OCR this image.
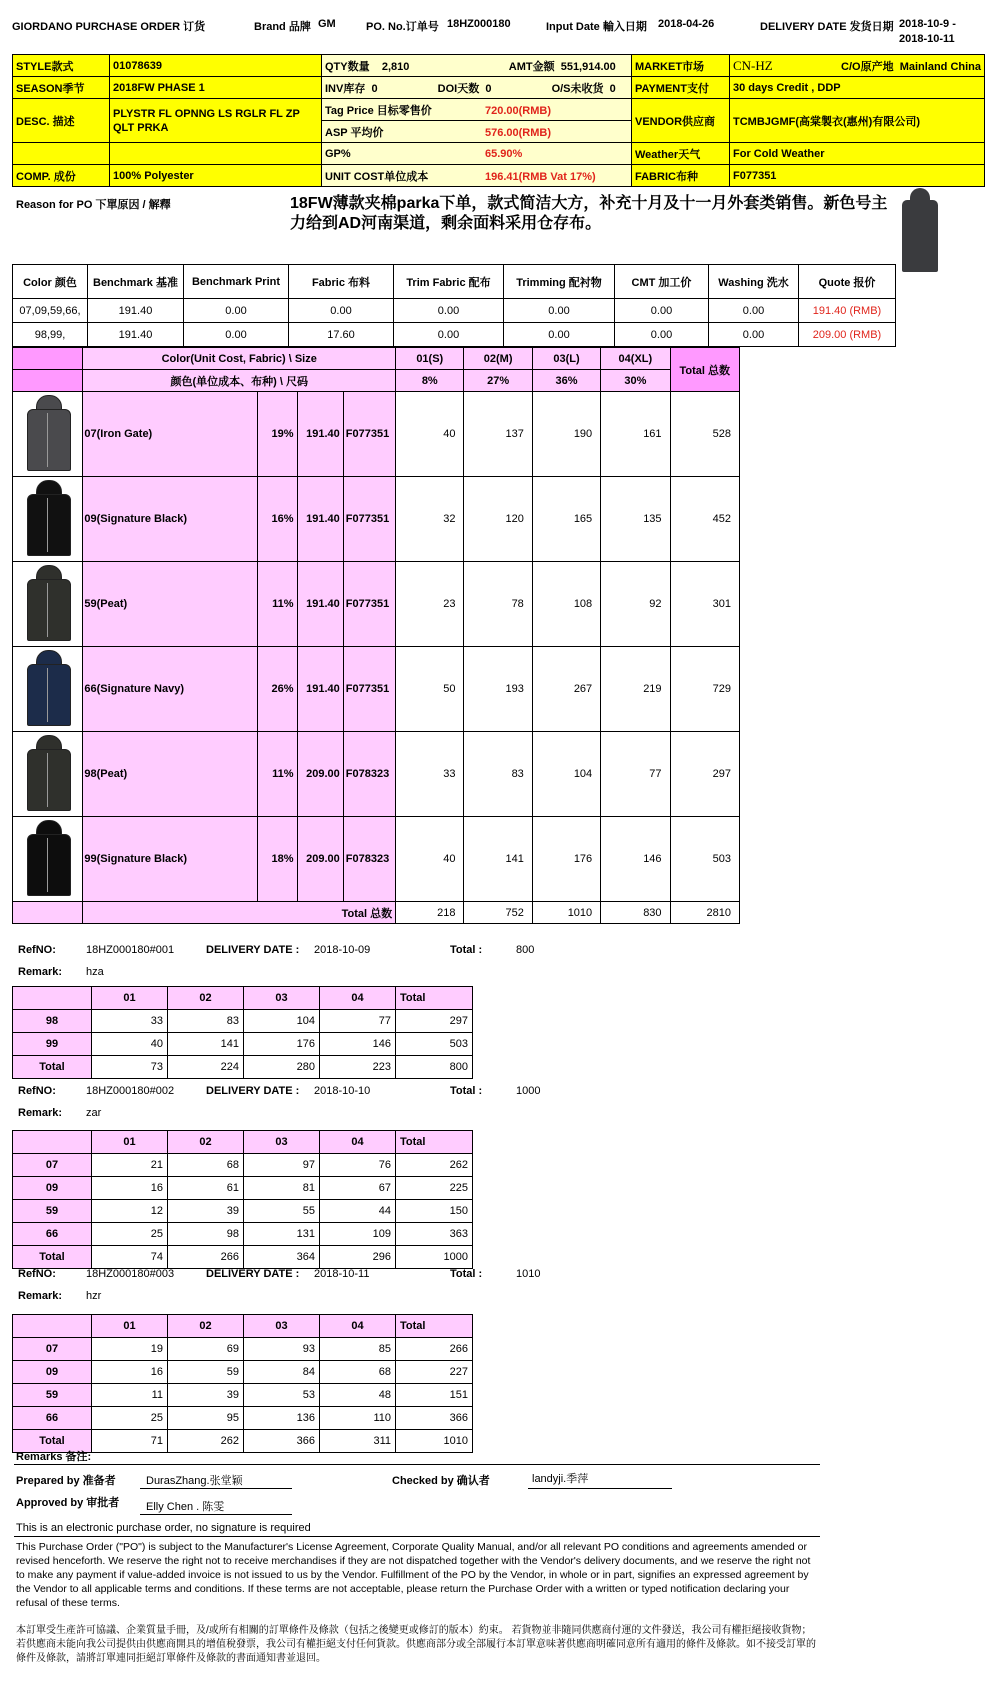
GIORDANO PURCHASE ORDER 订货	Brand 品牌 GM	PO. No.订单号 18HZ000180	Input Date 輸入日期 2018-04-26	DELIVERY DATE 发货日期 2018-10-9 -
2018-10-11
STYLE款式	01078639	QTY数量 2,810 AMT金额 551,914.00	MARKET市场	CN-HZ C/O原产地 Mainland China

SEASON季节	2018FW PHASE 1	INV库存 0 DOI天数 0 O/S未收货 0	PAYMENT支付	30 days Credit , DDP
DESC. 描述	PLYSTR FL OPNNG LS RGLR FL ZP QLT PRKA	Tag Price 目标零售价 720.00(RMB)	VENDOR供应商	TCMBJGMF(高棠製衣(惠州)有限公司)
		ASP 平均价 576.00(RMB)		
		GP% 65.90%	Weather天气	For Cold Weather
COMP. 成份	100% Polyester	UNIT COST单位成本 196.41(RMB Vat 17%)	FABRIC布种	F077351
Reason for PO 下單原因 / 解釋	18FW薄款夹棉parka下单，款式简洁大方，补充十月及十一月外套类销售。新色号主力给到AD河南渠道，剩余面料采用仓存布。
Color 颜色	Benchmark 基准	Benchmark Print	Fabric 布料	Trim Fabric 配布	Trimming 配衬物	CMT 加工价	Washing 洗水	Quote 报价
07,09,59,66,	191.40	0.00	0.00	0.00	0.00	0.00	0.00	191.40 (RMB)
98,99,	191.40	0.00	17.60	0.00	0.00	0.00	0.00	209.00 (RMB)
	Color(Unit Cost, Fabric) \ Size				01(S)	02(M)	03(L)	04(XL)	Total 总数
	颜色(单位成本、布种) \ 尺码				8%	27%	36%	30%	

	07(Iron Gate)	19%	191.40	F077351	40	137	190	161	528

	09(Signature Black)	16%	191.40	F077351	32	120	165	135	452

	59(Peat)	11%	191.40	F077351	23	78	108	92	301

	66(Signature Navy)	26%	191.40	F077351	50	193	267	219	729

	98(Peat)	11%	209.00	F078323	33	83	104	77	297

	99(Signature Black)	18%	209.00	F078323	40	141	176	146	503
	Total 总数				218	752	1010	830	2810
RefNO:	18HZ000180#001	DELIVERY DATE : 2018-10-09	Total :	800
Remark: hza
	01	02	03	04	Total
98	33	83	104	77	297
99	40	141	176	146	503
Total	73	224	280	223	800
RefNO:	18HZ000180#002	DELIVERY DATE : 2018-10-10	Total :	1000
Remark: zar
	01	02	03	04	Total
07	21	68	97	76	262
09	16	61	81	67	225
59	12	39	55	44	150
66	25	98	131	109	363
Total	74	266	364	296	1000
RefNO:	18HZ000180#003	DELIVERY DATE : 2018-10-11	Total :	1010
Remark: hzr
	01	02	03	04	Total
07	19	69	93	85	266
09	16	59	84	68	227
59	11	39	53	48	151
66	25	95	136	110	366
Total	71	262	366	311	1010
Remarks 备注:
Prepared by 准备者	DurasZhang.张堂颖	Checked by 确认者	landyji.季萍
Approved by 审批者 Elly Chen . 陈雯
This is an electronic purchase order, no signature is required
This Purchase Order ("PO") is subject to the Manufacturer's License Agreement, Corporate Quality Manual, and/or all relevant PO conditions and agreements amended or revised henceforth. We reserve the right not to receive merchandises if they are not dispatched together with the Vendor's delivery documents, and we reserve the right not to make any payment if value-added invoice is not issued to us by the Vendor. Fulfillment of the PO by the Vendor, in whole or in part, signifies an expressed agreement by the Vendor to all applicable terms and conditions. If these terms are not acceptable, please return the Purchase Order with a written or typed notification declaring your refusal of these terms.
本訂單受生產許可協議、企業質量手冊，及/或所有相關的訂單條件及條款（包括之後變更或修訂的版本）約束。 若貨物並非隨同供應商付運的文件發送，我公司有權拒絕接收貨物；若供應商未能向我公司提供由供應商開具的增值稅發票，我公司有權拒絕支付任何貨款。供應商部分或全部履行本訂單意味著供應商明確同意所有適用的條件及條款。如不接受訂單的條件及條款，請將訂單連同拒絕訂單條件及條款的書面通知書並退回。
